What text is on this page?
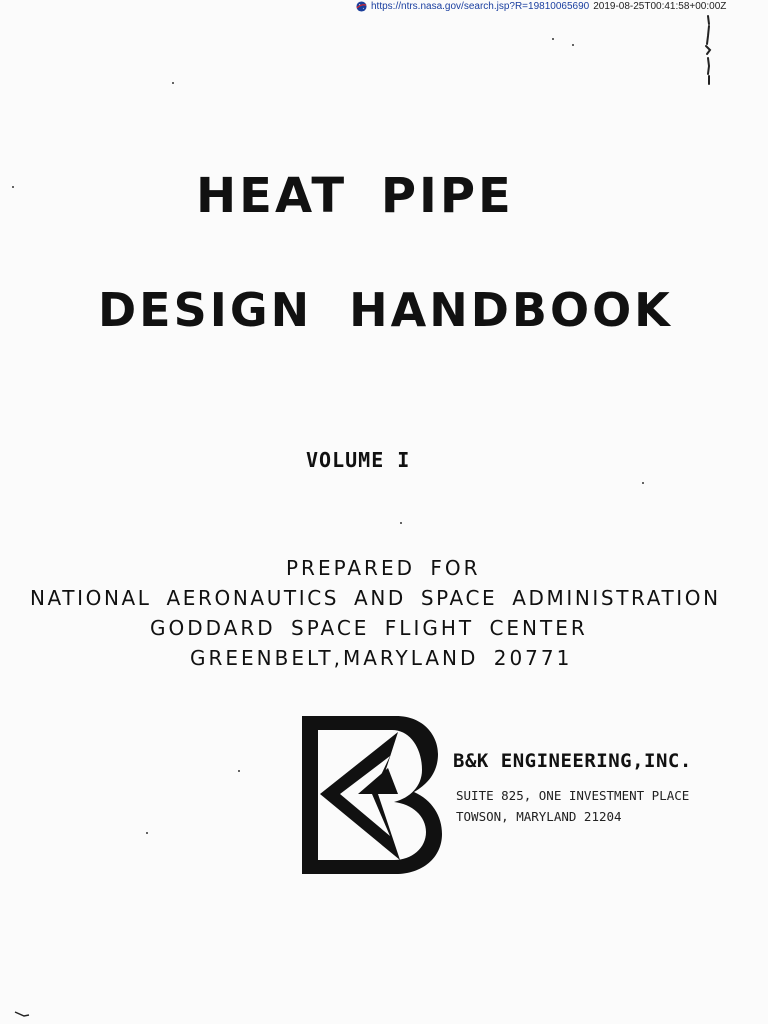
https://ntrs.nasa.gov/search.jsp?R=19810065690 2019-08-25T00:41:58+00:00Z
HEAT PIPE
DESIGN HANDBOOK
VOLUME I

PREPARED FOR

NATIONAL AERONAUTICS AND SPACE ADMINISTRATION

GODDARD SPACE FLIGHT CENTER

GREENBELT,MARYLAND 20771

B&K ENGINEERING,INC.
SUITE 825, ONE INVESTMENT PLACE
TOWSON, MARYLAND 21204
